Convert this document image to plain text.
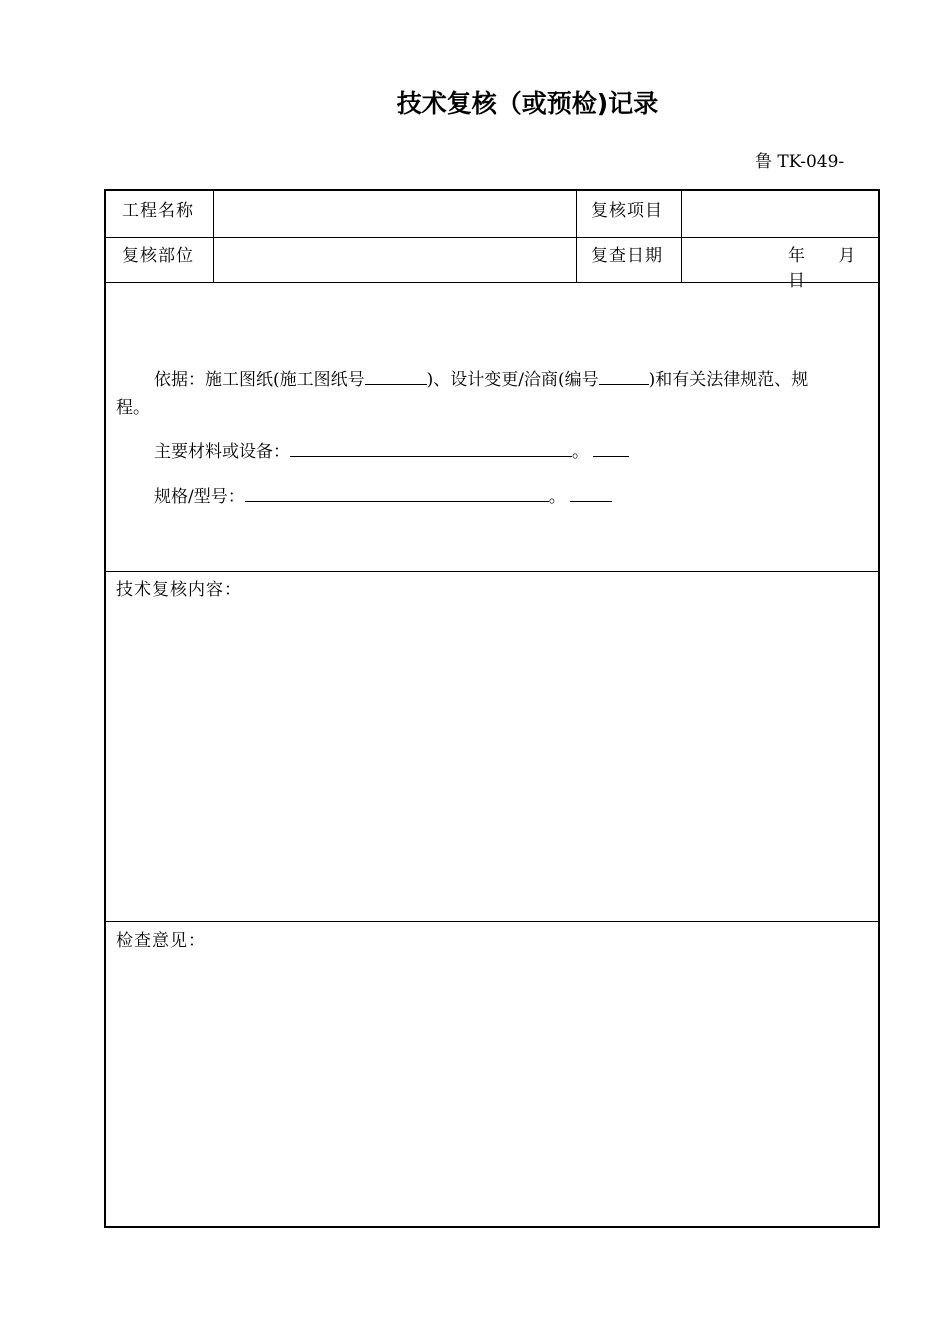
技术复核（或预检)记录
鲁 TK-049-
工程名称	复核项目
复核部位	复查日期	年 月 日
依据：施工图纸(施工图纸号	)、设计变更/洽商(编号	)和有关法律规范、规
程。
主要材料或设备：	。
规格/型号：	。
技术复核内容：
检查意见：
